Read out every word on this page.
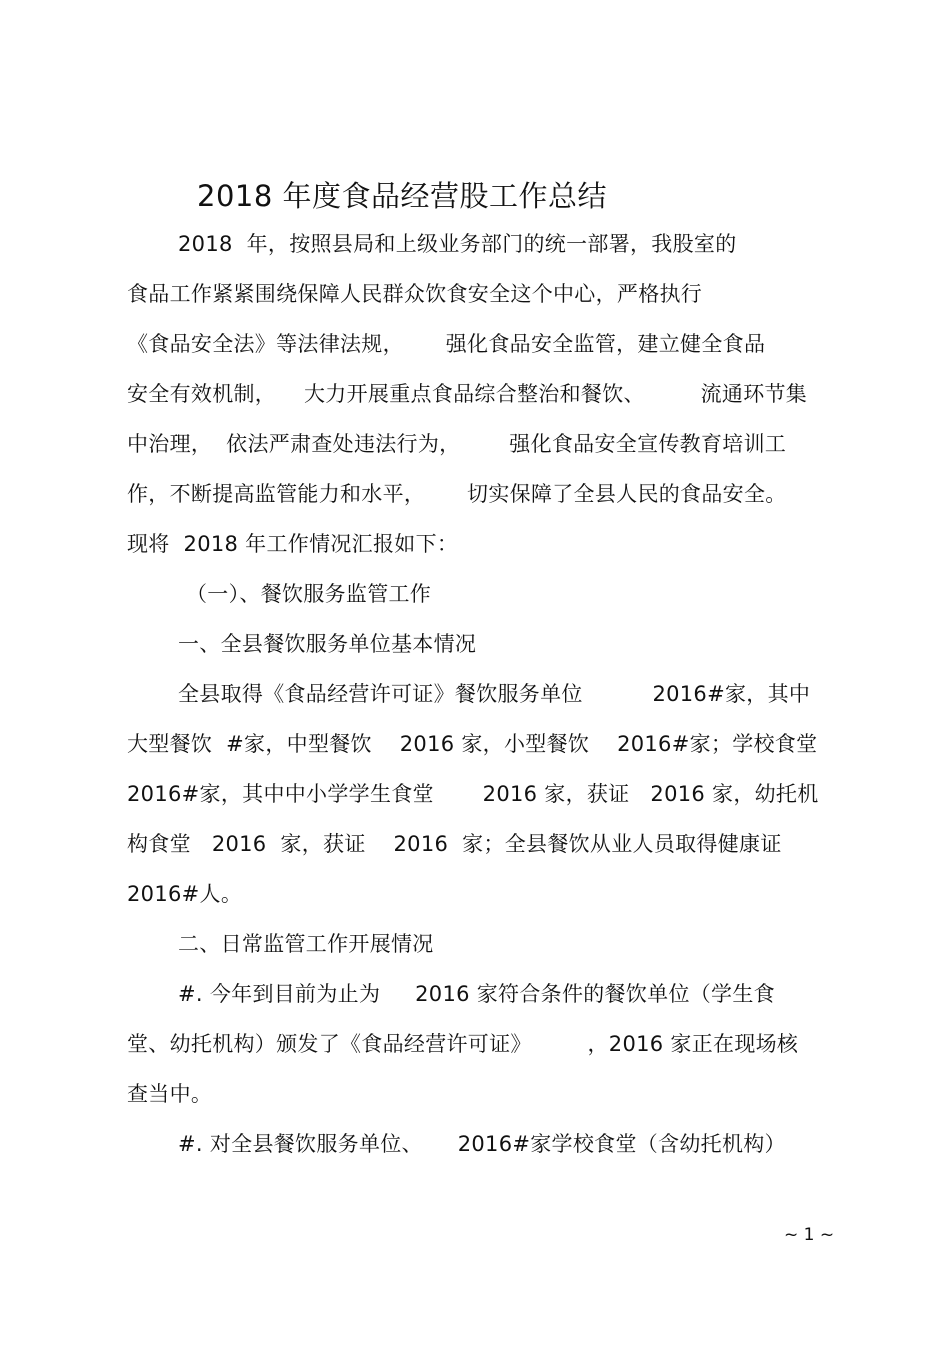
2018 年度食品经营股工作总结
2018  年，按照县局和上级业务部门的统一部署，我股室的
食品工作紧紧围绕保障人民群众饮食安全这个中心，严格执行
《食品安全法》等法律法规，      强化食品安全监管，建立健全食品
安全有效机制，    大力开展重点食品综合整治和餐饮、        流通环节集
中治理，  依法严肃查处违法行为，       强化食品安全宣传教育培训工
作，不断提高监管能力和水平，      切实保障了全县人民的食品安全。
现将  2018 年工作情况汇报如下：
（一）、餐饮服务监管工作
一、全县餐饮服务单位基本情况
全县取得《食品经营许可证》餐饮服务单位          2016#家，其中
大型餐饮  #家，中型餐饮    2016 家，小型餐饮    2016#家；学校食堂
2016#家，其中中小学学生食堂       2016 家，获证   2016 家，幼托机
构食堂   2016  家，获证    2016  家；全县餐饮从业人员取得健康证
2016#人。
二、日常监管工作开展情况
#. 今年到目前为止为     2016 家符合条件的餐饮单位（学生食
堂、幼托机构）颁发了《食品经营许可证》        ，2016 家正在现场核
查当中。
#. 对全县餐饮服务单位、     2016#家学校食堂（含幼托机构）
~ 1 ~
